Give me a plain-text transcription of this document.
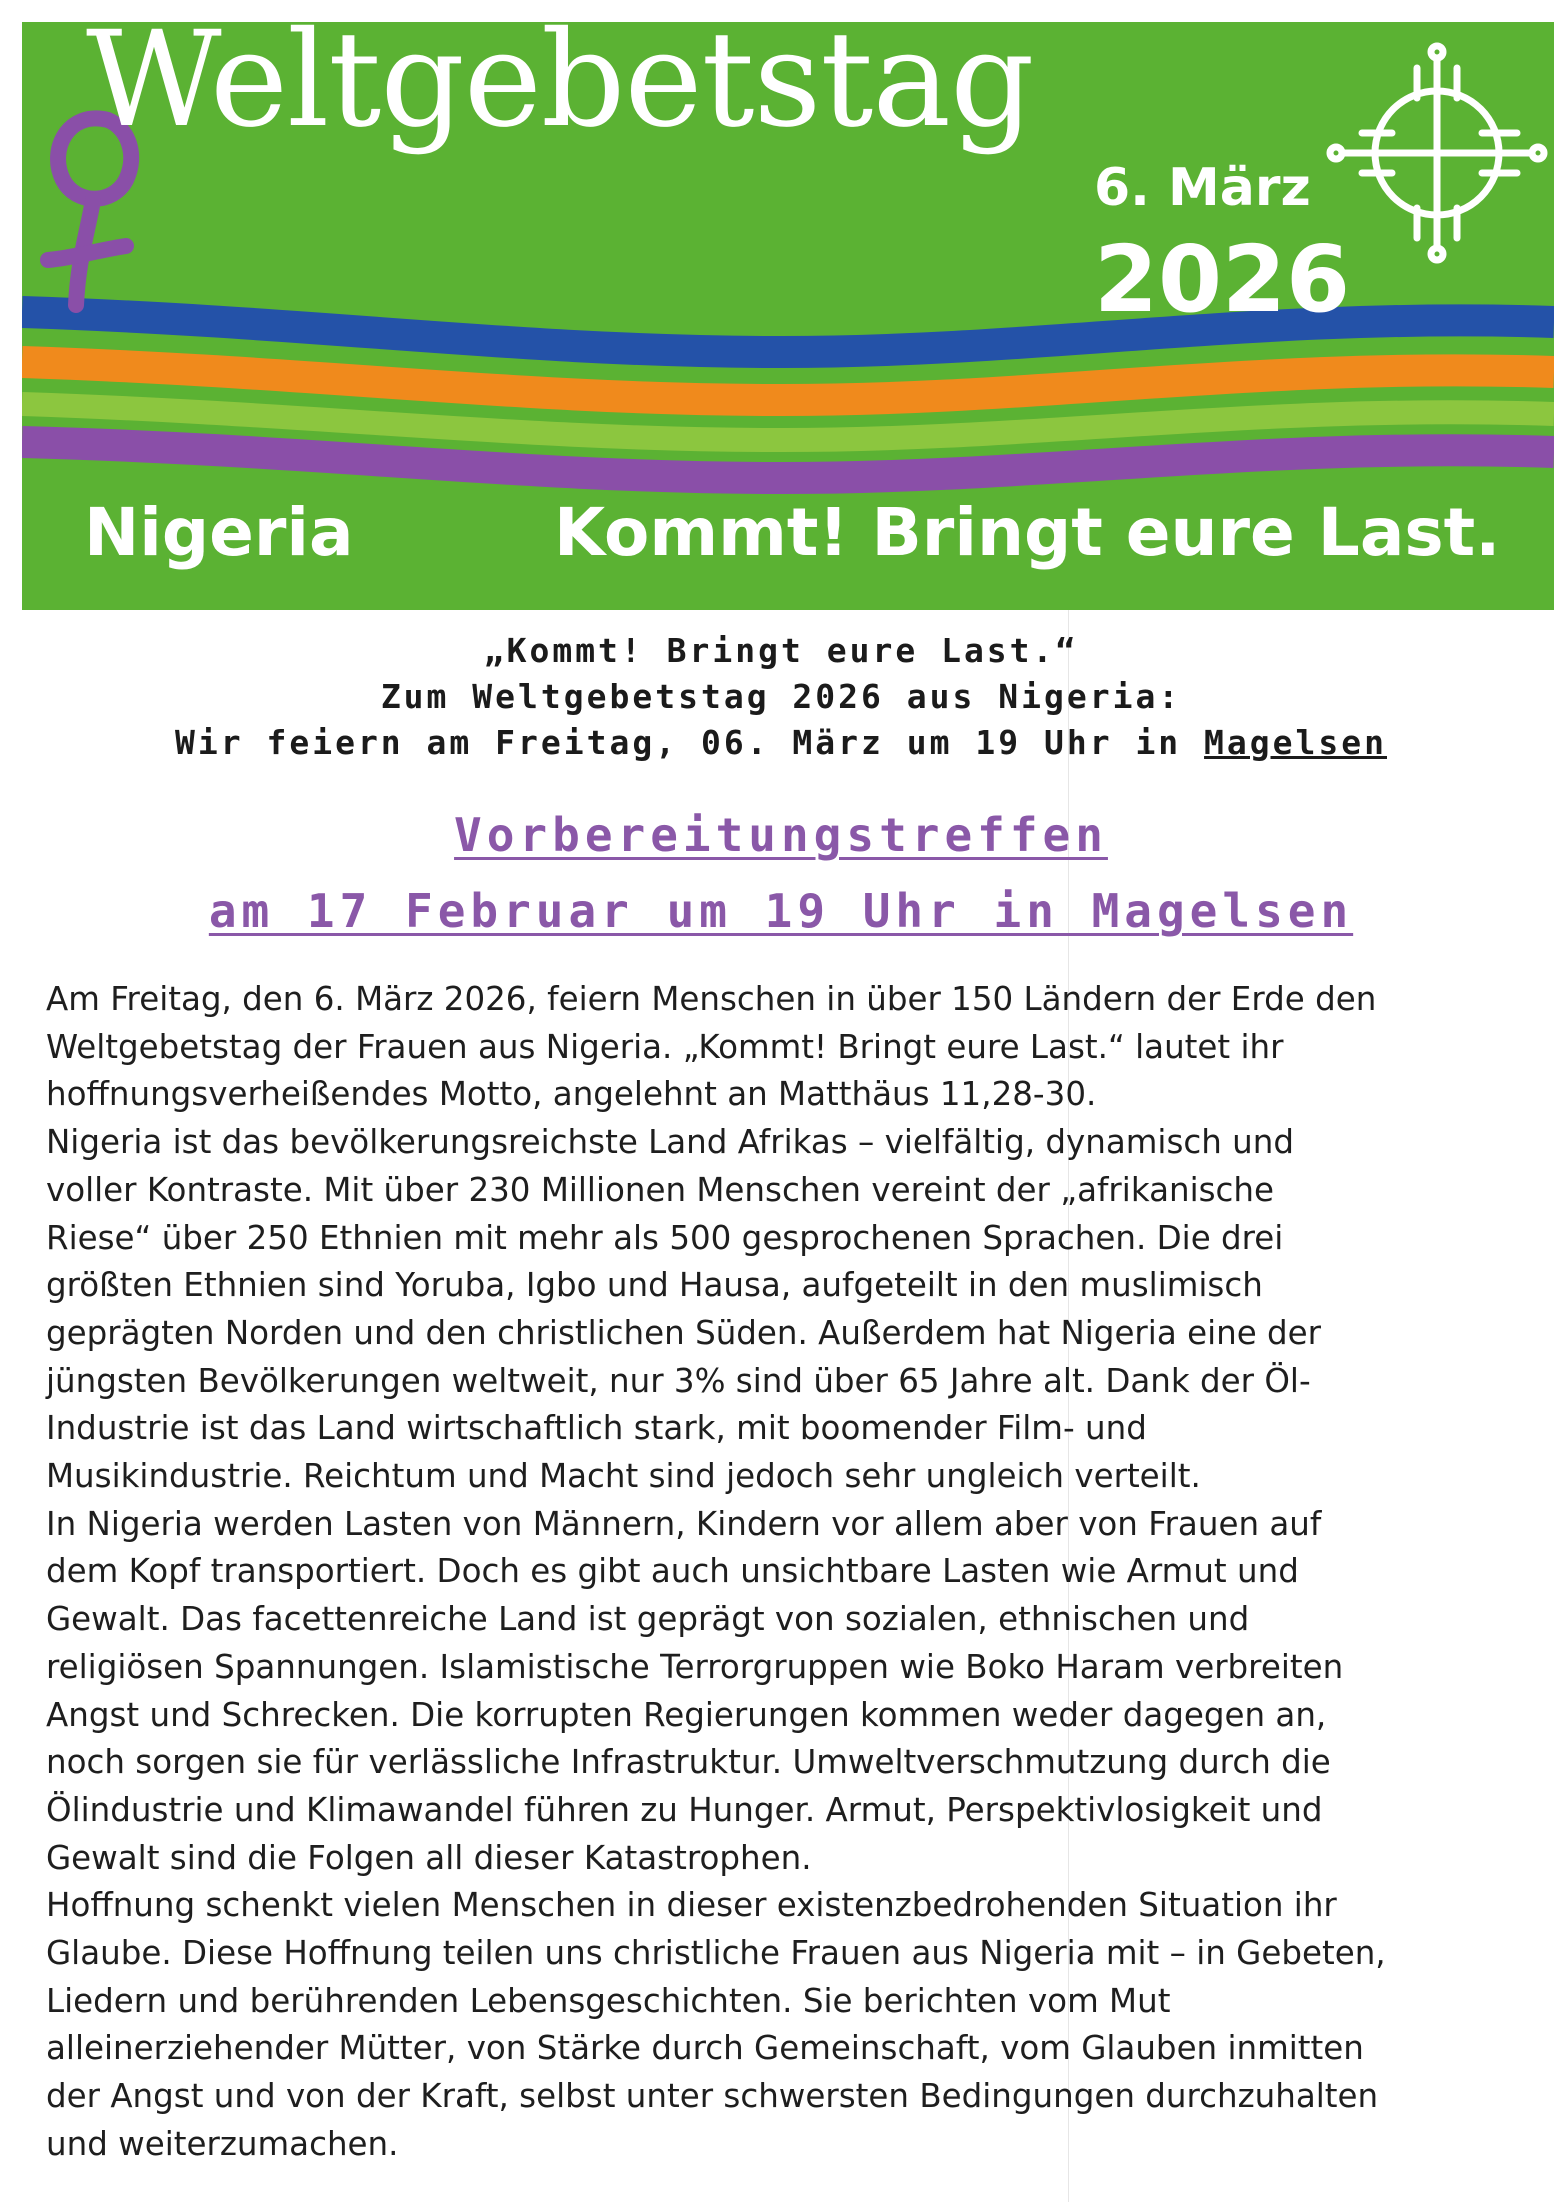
Weltgebetstag
6. März
2026
Nigeria	Kommt! Bringt eure Last.
„Kommt! Bringt eure Last.“
Zum Weltgebetstag 2026 aus Nigeria:
Wir feiern am Freitag, 06. März um 19 Uhr in Magelsen
Vorbereitungstreffen
am 17 Februar um 19 Uhr in Magelsen

Am Freitag, den 6. März 2026, feiern Menschen in über 150 Ländern der Erde den

Weltgebetstag der Frauen aus Nigeria. „Kommt! Bringt eure Last.“ lautet ihr

hoffnungsverheißendes Motto, angelehnt an Matthäus 11,28-30.

Nigeria ist das bevölkerungsreichste Land Afrikas – vielfältig, dynamisch und

voller Kontraste. Mit über 230 Millionen Menschen vereint der „afrikanische

Riese“ über 250 Ethnien mit mehr als 500 gesprochenen Sprachen. Die drei

größten Ethnien sind Yoruba, Igbo und Hausa, aufgeteilt in den muslimisch

geprägten Norden und den christlichen Süden. Außerdem hat Nigeria eine der

jüngsten Bevölkerungen weltweit, nur 3% sind über 65 Jahre alt. Dank der Öl-

Industrie ist das Land wirtschaftlich stark, mit boomender Film- und

Musikindustrie. Reichtum und Macht sind jedoch sehr ungleich verteilt.

In Nigeria werden Lasten von Männern, Kindern vor allem aber von Frauen auf

dem Kopf transportiert. Doch es gibt auch unsichtbare Lasten wie Armut und

Gewalt. Das facettenreiche Land ist geprägt von sozialen, ethnischen und

religiösen Spannungen. Islamistische Terrorgruppen wie Boko Haram verbreiten

Angst und Schrecken. Die korrupten Regierungen kommen weder dagegen an,

noch sorgen sie für verlässliche Infrastruktur. Umweltverschmutzung durch die

Ölindustrie und Klimawandel führen zu Hunger. Armut, Perspektivlosigkeit und

Gewalt sind die Folgen all dieser Katastrophen.

Hoffnung schenkt vielen Menschen in dieser existenzbedrohenden Situation ihr

Glaube. Diese Hoffnung teilen uns christliche Frauen aus Nigeria mit – in Gebeten,

Liedern und berührenden Lebensgeschichten. Sie berichten vom Mut

alleinerziehender Mütter, von Stärke durch Gemeinschaft, vom Glauben inmitten

der Angst und von der Kraft, selbst unter schwersten Bedingungen durchzuhalten

und weiterzumachen.
